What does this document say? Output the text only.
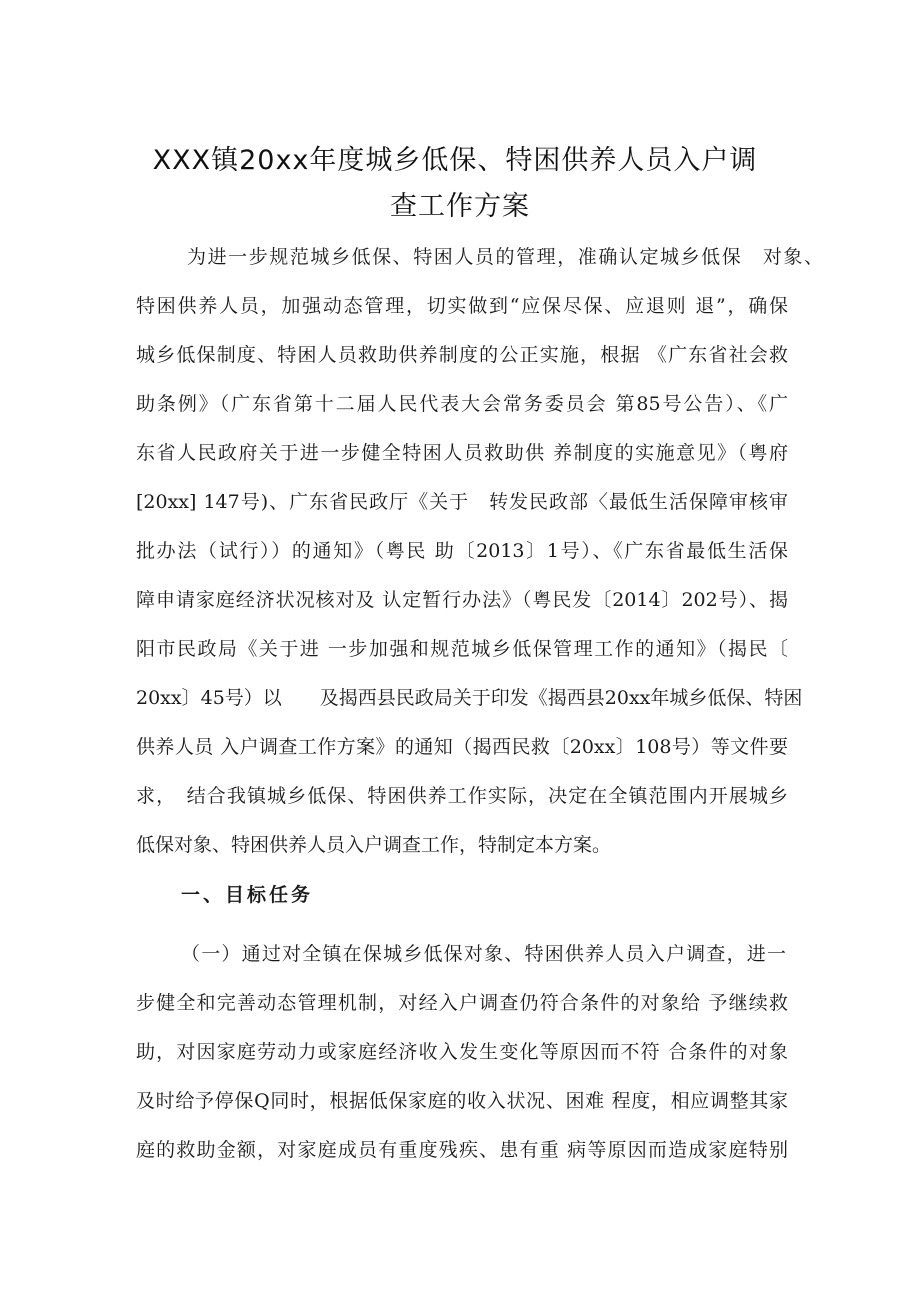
XXX镇20xx年度城乡低保、特困供养人员入户调
查工作方案

为进一步规范城乡低保、特困人员的管理，准确认定城乡低保　对象、

特困供养人员，加强动态管理，切实做到“应保尽保、应退则 退”，确保

城乡低保制度、特困人员救助供养制度的公正实施，根据 《广东省社会救

助条例》（广东省第十二届人民代表大会常务委员会 第85号公告）、《广

东省人民政府关于进一步健全特困人员救助供 养制度的实施意见》（粤府

[20xx] 147号)、广东省民政厅《关于　转发民政部〈最低生活保障审核审

批办法（试行））的通知》（粤民 助〔2013〕1号）、《广东省最低生活保

障申请家庭经济状况核对及 认定暂行办法》（粤民发〔2014〕202号）、揭

阳市民政局《关于进 一步加强和规范城乡低保管理工作的通知》（揭民〔

20xx〕45号）以　　及揭西县民政局关于印发《揭西县20xx年城乡低保、特困

供养人员 入户调查工作方案》的通知（揭西民救〔20xx〕108号）等文件要

求，　结合我镇城乡低保、特困供养工作实际，决定在全镇范围内开展城乡

低保对象、特困供养人员入户调查工作，特制定本方案。

一、目标任务

（一）通过对全镇在保城乡低保对象、特困供养人员入户调查，进一

步健全和完善动态管理机制，对经入户调查仍符合条件的对象给 予继续救

助，对因家庭劳动力或家庭经济收入发生变化等原因而不符 合条件的对象

及时给予停保Q同时，根据低保家庭的收入状况、困难 程度，相应调整其家

庭的救助金额，对家庭成员有重度残疾、患有重 病等原因而造成家庭特别
